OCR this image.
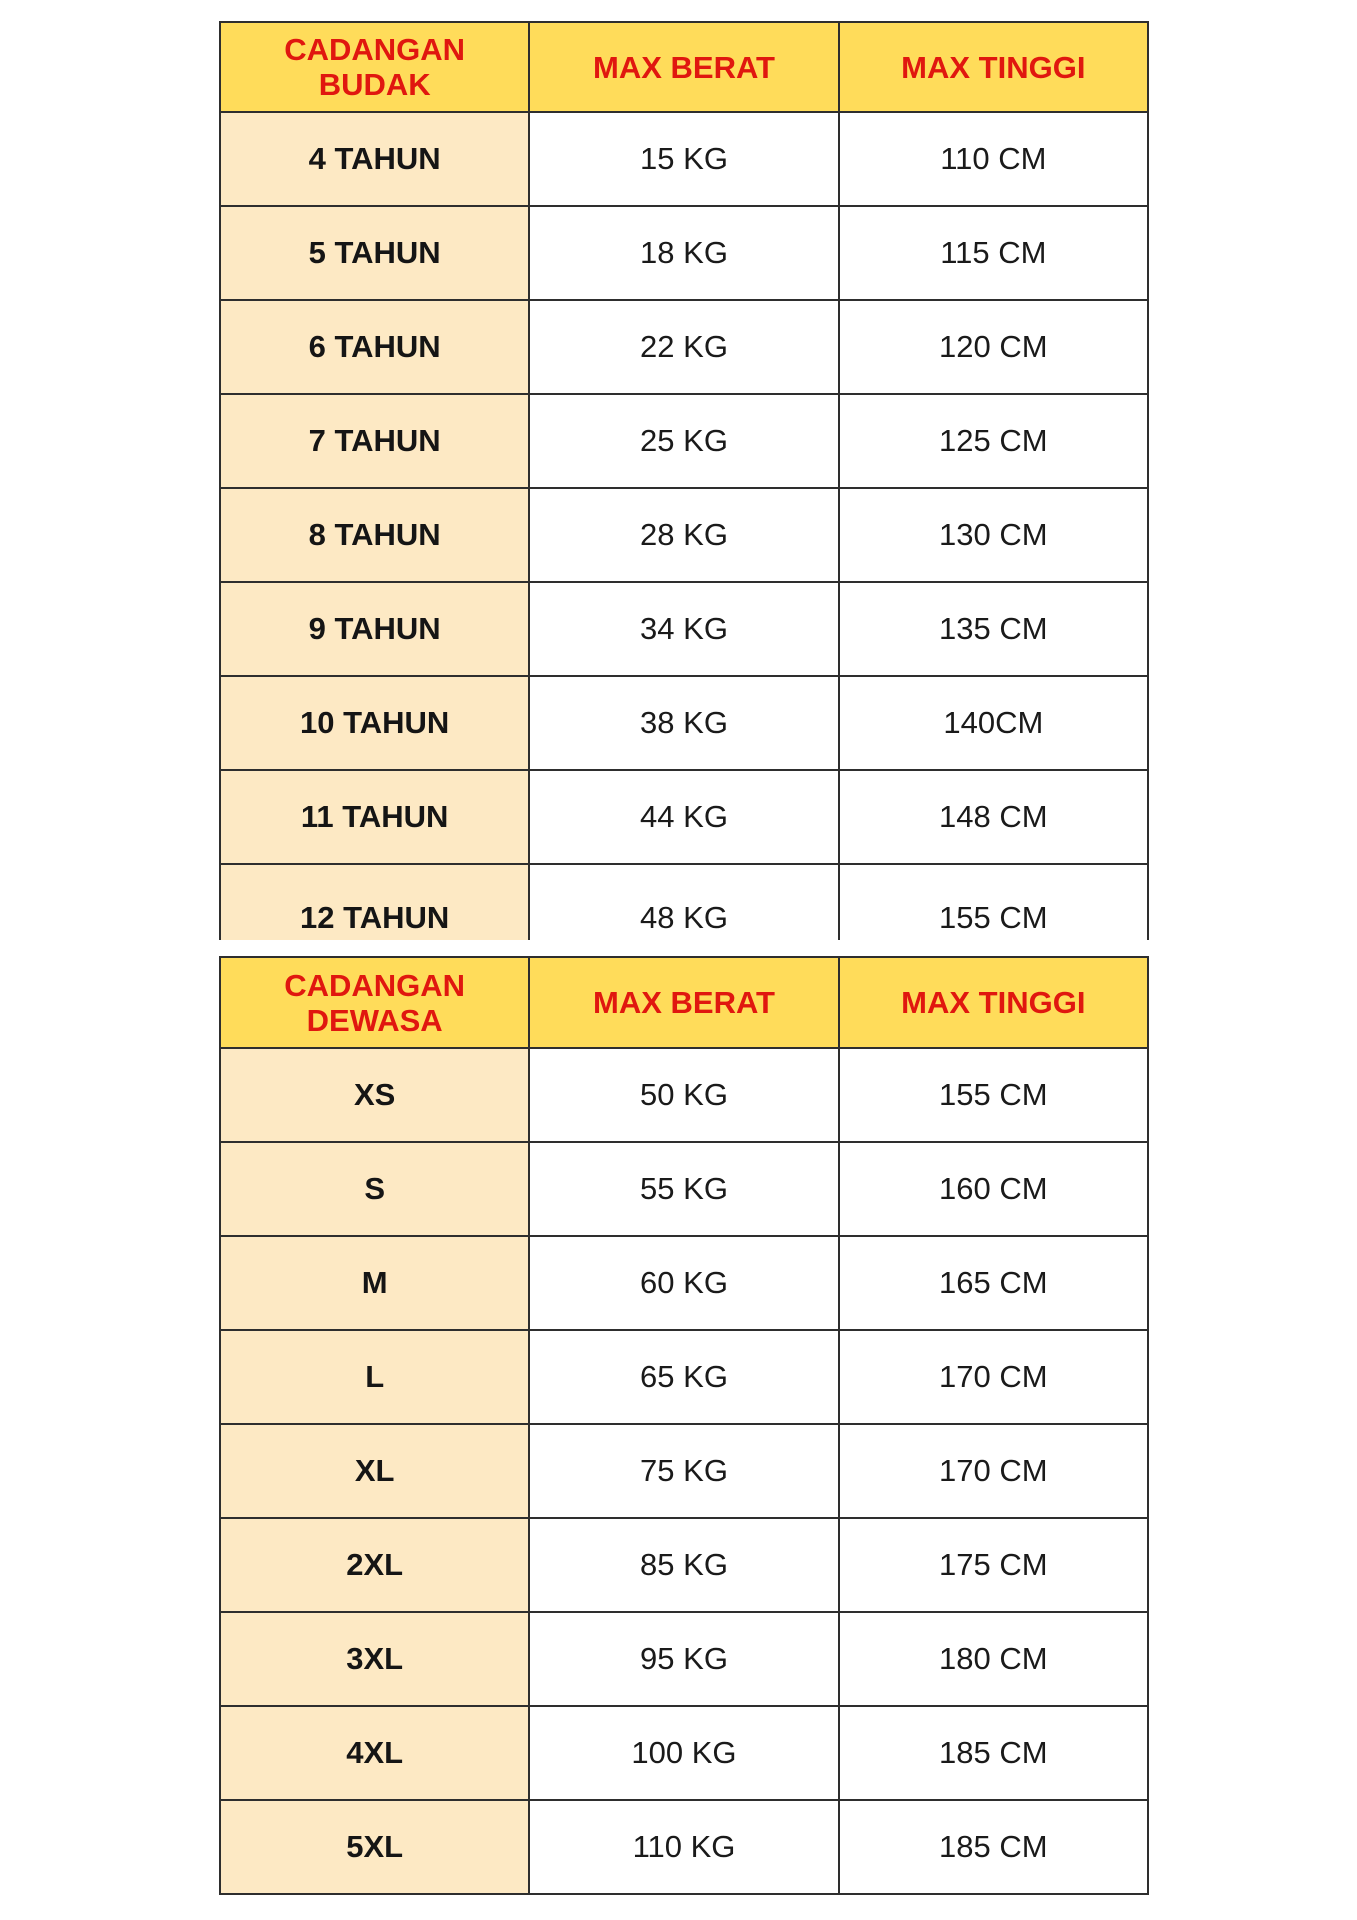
CADANGAN
BUDAK	MAX BERAT	MAX TINGGI
4 TAHUN	15 KG	110 CM
5 TAHUN	18 KG	115 CM
6 TAHUN	22 KG	120 CM
7 TAHUN	25 KG	125 CM
8 TAHUN	28 KG	130 CM
9 TAHUN	34 KG	135 CM
10 TAHUN	38 KG	140CM
11 TAHUN	44 KG	148 CM
12 TAHUN	48 KG	155 CM
CADANGAN
DEWASA	MAX BERAT	MAX TINGGI
XS	50 KG	155 CM
S	55 KG	160 CM
M	60 KG	165 CM
L	65 KG	170 CM
XL	75 KG	170 CM
2XL	85 KG	175 CM
3XL	95 KG	180 CM
4XL	100 KG	185 CM
5XL	110 KG	185 CM
